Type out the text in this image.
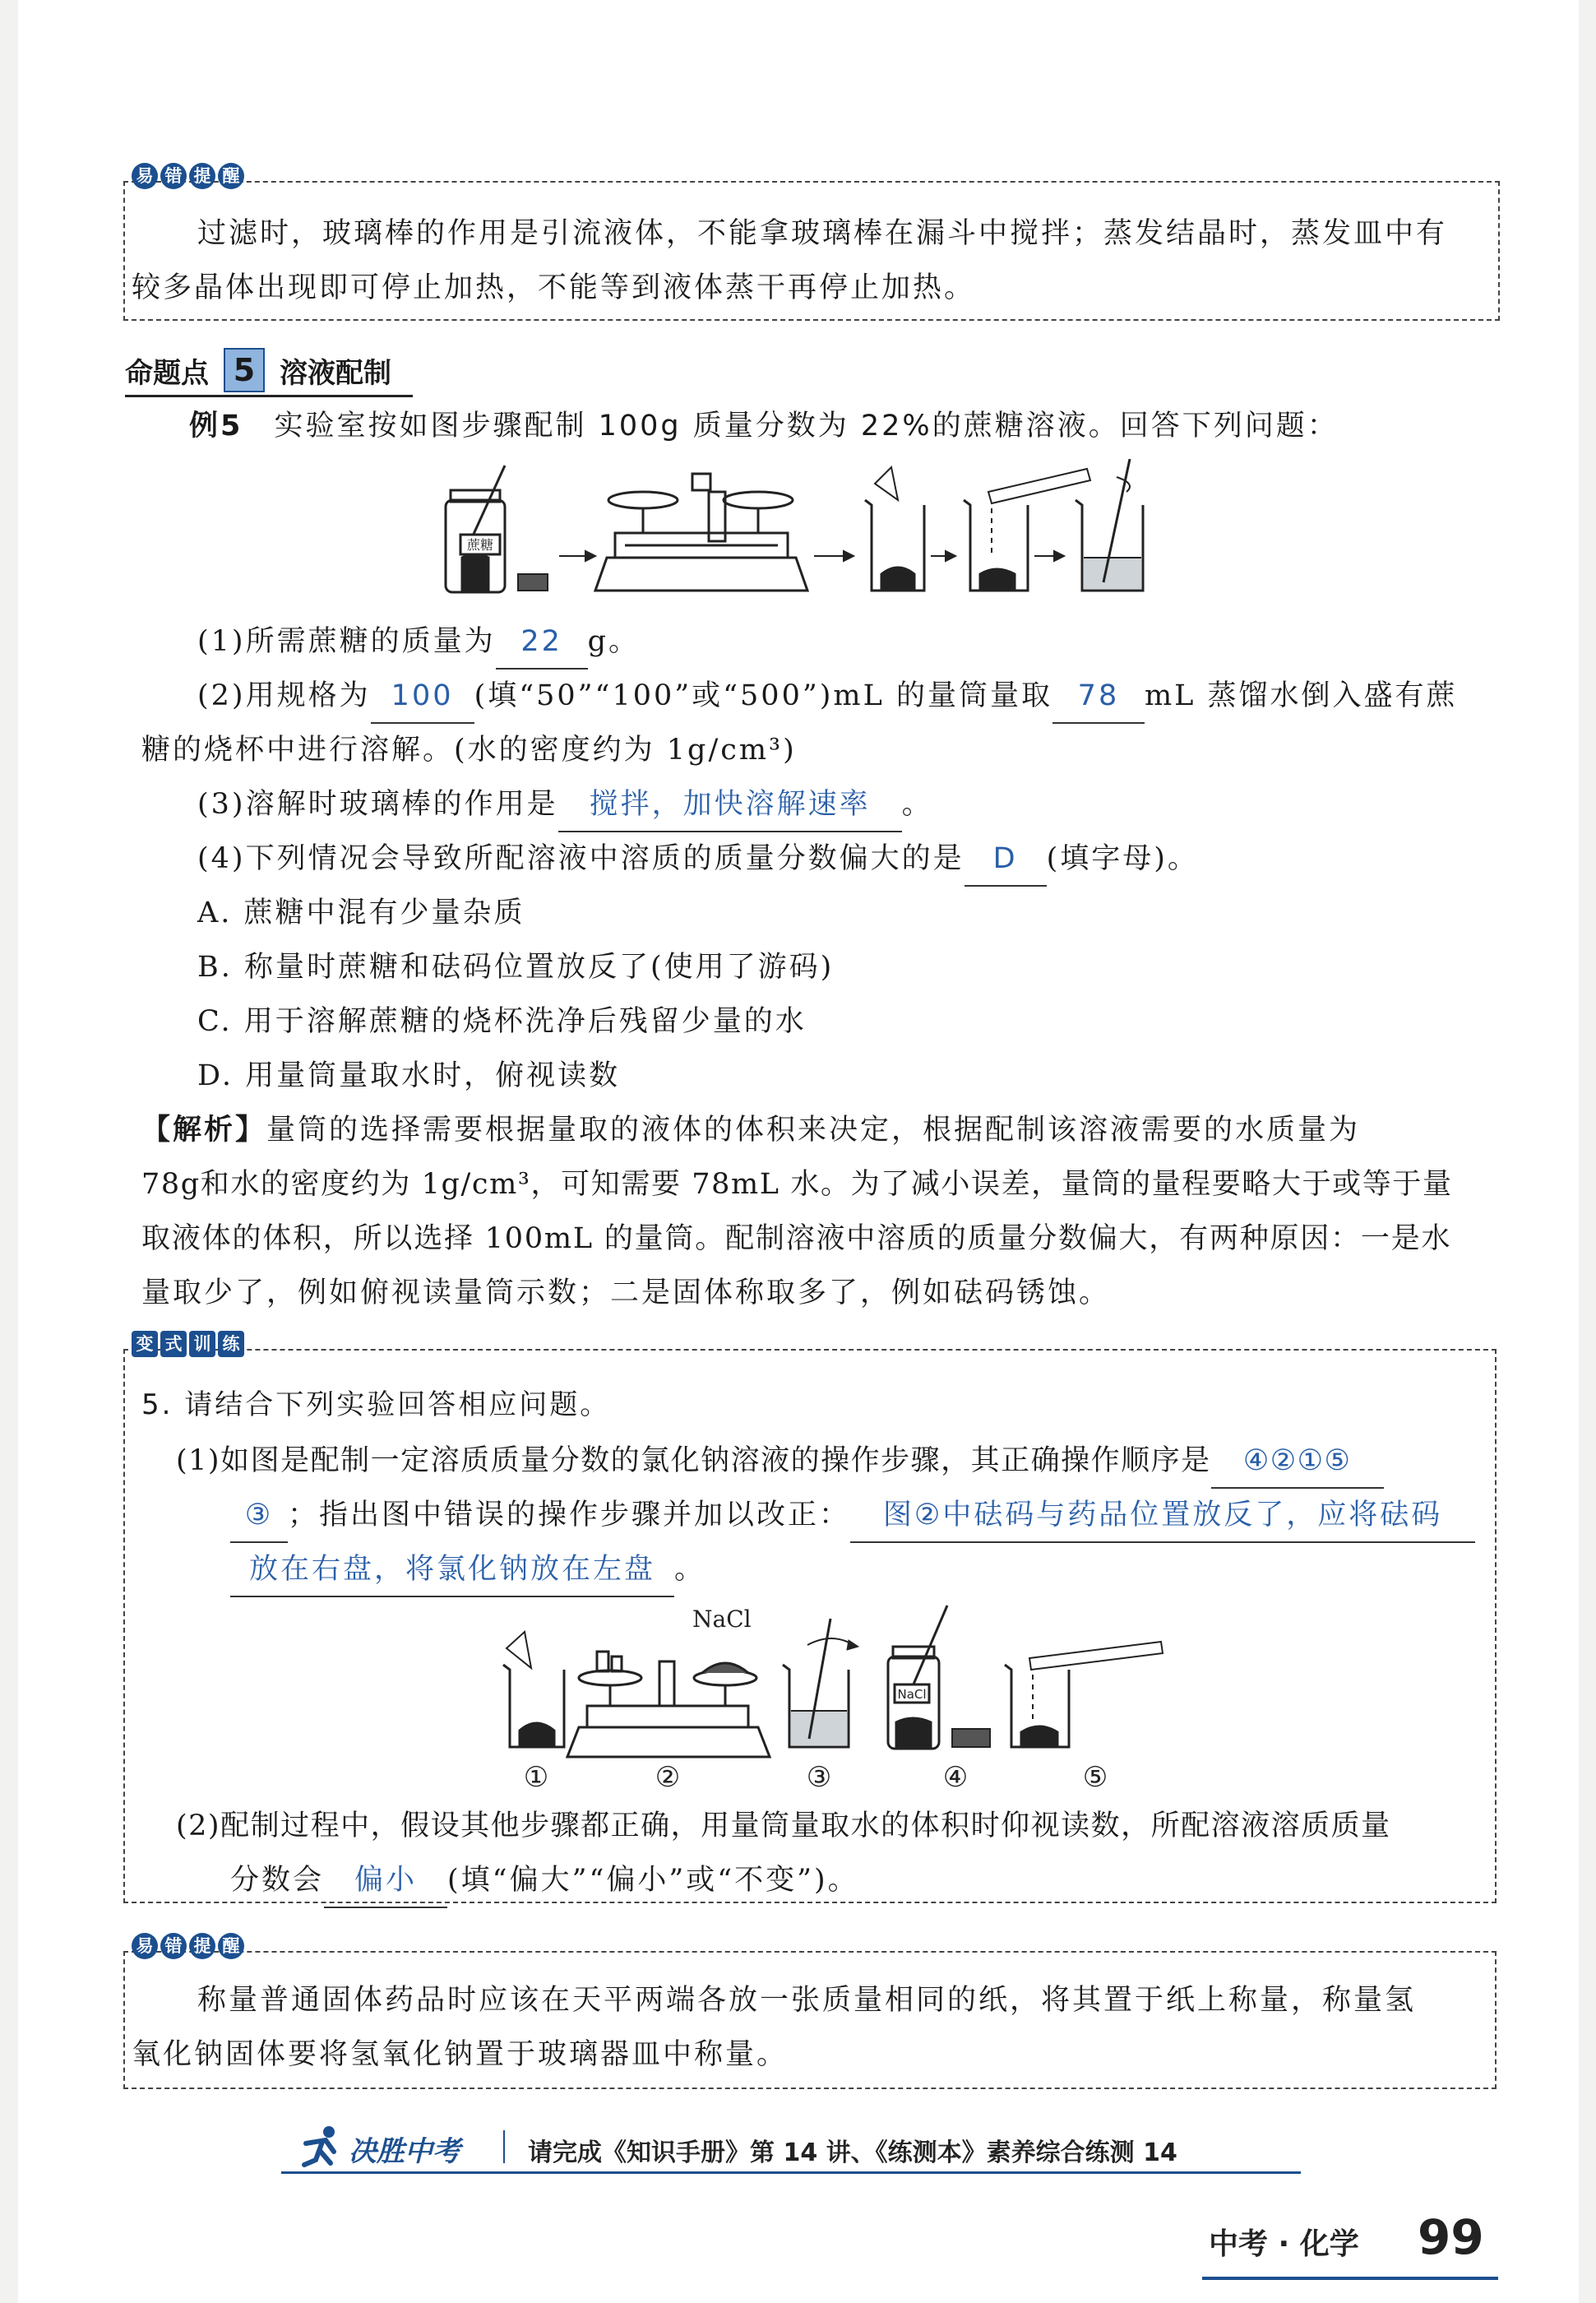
易 错 提 醒
过滤时，玻璃棒的作用是引流液体，不能拿玻璃棒在漏斗中搅拌；蒸发结晶时，蒸发皿中有
较多晶体出现即可停止加热，不能等到液体蒸干再停止加热。
命题点 5 溶液配制
例5 实验室按如图步骤配制 100g 质量分数为 22%的蔗糖溶液。回答下列问题：
蔗糖
(1)所需蔗糖的质量为 22 g。
(2)用规格为 100 (填“50”“100”或“500”)mL 的量筒量取 78 mL 蒸馏水倒入盛有蔗
糖的烧杯中进行溶解。(水的密度约为 1g/cm³)
(3)溶解时玻璃棒的作用是 搅拌，加快溶解速率 。
(4)下列情况会导致所配溶液中溶质的质量分数偏大的是 D (填字母)。
A. 蔗糖中混有少量杂质
B. 称量时蔗糖和砝码位置放反了(使用了游码)
C. 用于溶解蔗糖的烧杯洗净后残留少量的水
D. 用量筒量取水时，俯视读数
【解析】量筒的选择需要根据量取的液体的体积来决定，根据配制该溶液需要的水质量为
78g和水的密度约为 1g/cm³，可知需要 78mL 水。为了减小误差，量筒的量程要略大于或等于量
取液体的体积，所以选择 100mL 的量筒。配制溶液中溶质的质量分数偏大，有两种原因：一是水
量取少了，例如俯视读量筒示数；二是固体称取多了，例如砝码锈蚀。
变 式 训 练
5. 请结合下列实验回答相应问题。
(1)如图是配制一定溶质质量分数的氯化钠溶液的操作步骤，其正确操作顺序是 ④②①⑤
③ ；指出图中错误的操作步骤并加以改正： 图②中砝码与药品位置放反了，应将砝码
放在右盘，将氯化钠放在左盘 。
NaCl
NaCl
①	②	③	④	⑤
(2)配制过程中，假设其他步骤都正确，用量筒量取水的体积时仰视读数，所配溶液溶质质量
分数会 偏小 (填“偏大”“偏小”或“不变”)。
易 错 提 醒
称量普通固体药品时应该在天平两端各放一张质量相同的纸，将其置于纸上称量，称量氢
氧化钠固体要将氢氧化钠置于玻璃器皿中称量。
决胜中考	请完成《知识手册》第 14 讲、《练测本》素养综合练测 14
中考 · 化学 99
